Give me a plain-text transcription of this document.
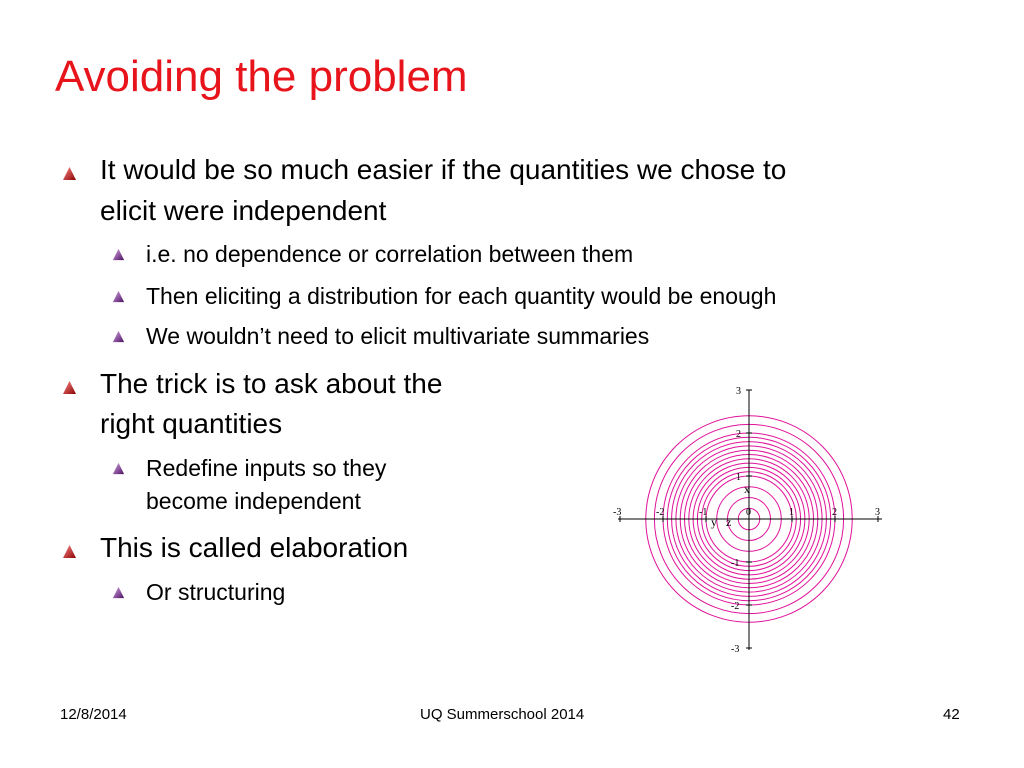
Avoiding the problem
It would be so much easier if the quantities we chose to
elicit were independent
i.e. no dependence or correlation between them
Then eliciting a distribution for each quantity would be enough
We wouldn’t need to elicit multivariate summaries
The trick is to ask about the
right quantities
Redefine inputs so they
become independent
This is called elaboration
Or structuring
-3	-2	-1	0	1	2	3
3
2
1
-1
-2
-3
x
y z
12/8/2014	UQ Summerschool 2014	42
